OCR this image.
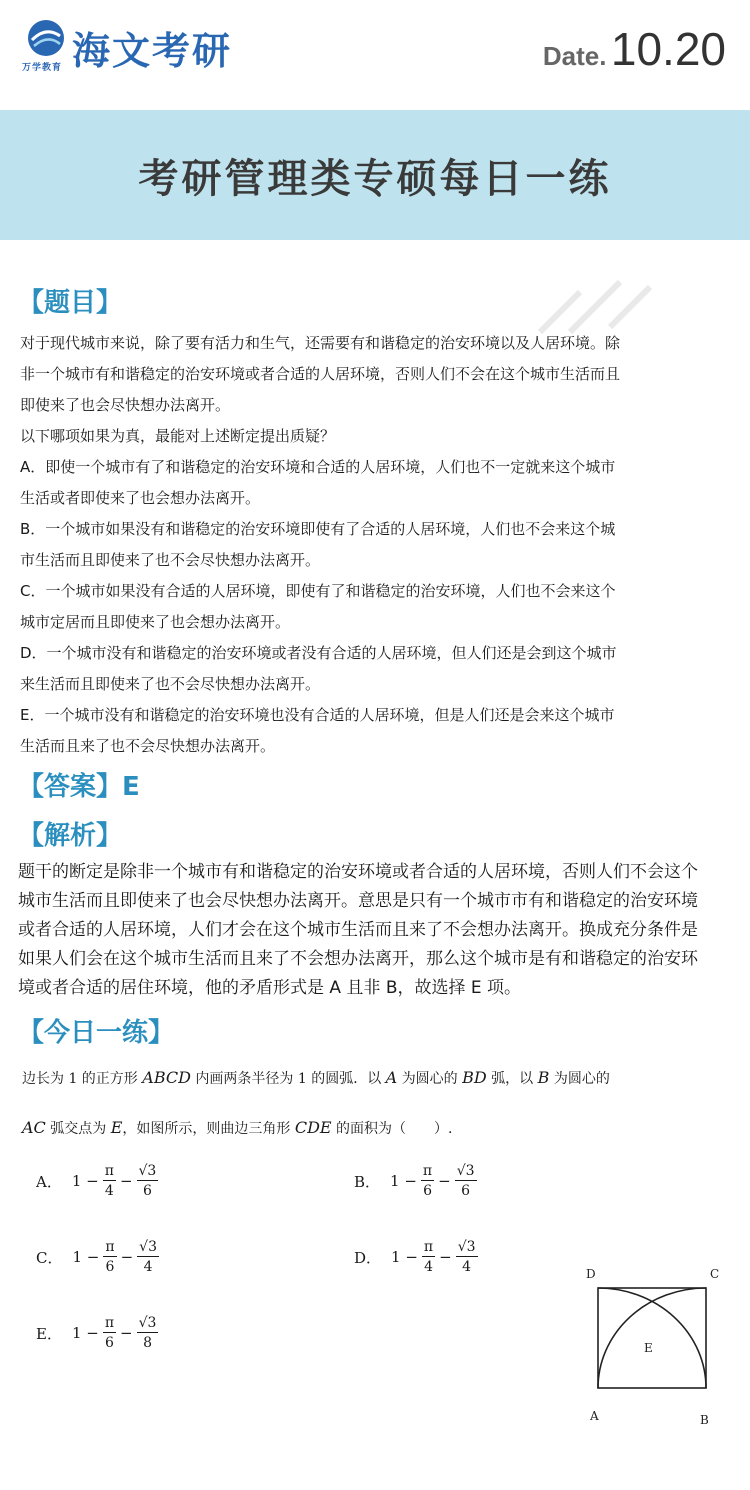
万学教育 海文考研	Date. 10.20
考研管理类专硕每日一练
【题目】
对于现代城市来说，除了要有活力和生气，还需要有和谐稳定的治安环境以及人居环境。除
非一个城市有和谐稳定的治安环境或者合适的人居环境，否则人们不会在这个城市生活而且
即使来了也会尽快想办法离开。
以下哪项如果为真，最能对上述断定提出质疑？
A．即使一个城市有了和谐稳定的治安环境和合适的人居环境，人们也不一定就来这个城市
生活或者即使来了也会想办法离开。
B．一个城市如果没有和谐稳定的治安环境即使有了合适的人居环境，人们也不会来这个城
市生活而且即使来了也不会尽快想办法离开。
C．一个城市如果没有合适的人居环境，即使有了和谐稳定的治安环境，人们也不会来这个
城市定居而且即使来了也会想办法离开。
D．一个城市没有和谐稳定的治安环境或者没有合适的人居环境，但人们还是会到这个城市
来生活而且即使来了也不会尽快想办法离开。
E．一个城市没有和谐稳定的治安环境也没有合适的人居环境，但是人们还是会来这个城市
生活而且来了也不会尽快想办法离开。
【答案】E
【解析】
题干的断定是除非一个城市有和谐稳定的治安环境或者合适的人居环境，否则人们不会这个
城市生活而且即使来了也会尽快想办法离开。意思是只有一个城市市有和谐稳定的治安环境
或者合适的人居环境，人们才会在这个城市生活而且来了不会想办法离开。换成充分条件是
如果人们会在这个城市生活而且来了不会想办法离开，那么这个城市是有和谐稳定的治安环
境或者合适的居住环境，他的矛盾形式是 A 且非 B，故选择 E 项。
【今日一练】
边长为 1 的正方形 ABCD 内画两条半径为 1 的圆弧．以 A 为圆心的 BD 弧，以 B 为圆心的
AC 弧交点为 E，如图所示，则曲边三角形 CDE 的面积为（　　）.
A． $1 - \frac{\pi}{4} - \frac{√3}{6}$	B． $1 - \frac{\pi}{6} - \frac{√3}{6}$
C． $1 - \frac{\pi}{6} - \frac{√3}{4}$	D． $1 - \frac{\pi}{4} - \frac{√3}{4}$
E． $1 - \frac{\pi}{6} - \frac{√3}{8}$
D	C
E
A	B
